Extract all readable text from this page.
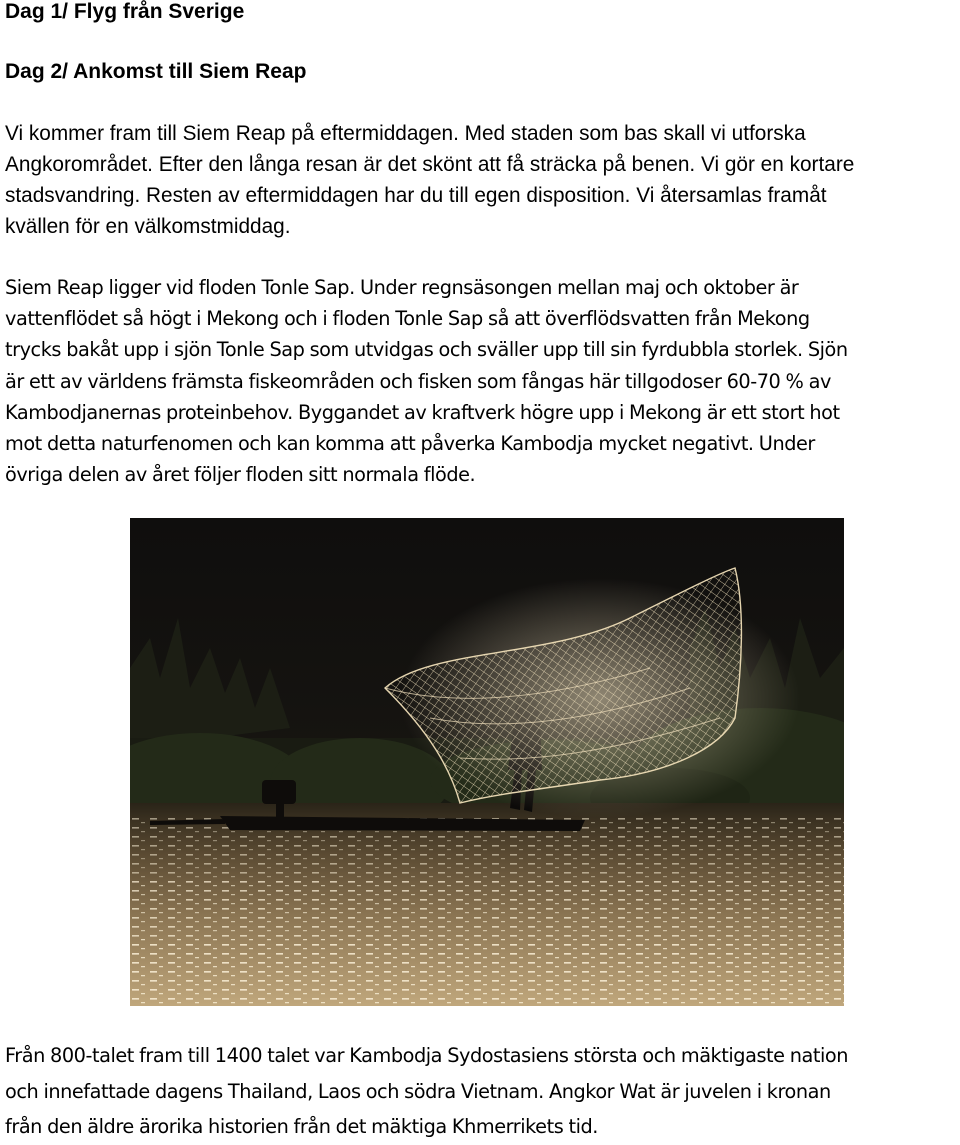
Dag 1/ Flyg från Sverige
Dag 2/ Ankomst till Siem Reap

Vi kommer fram till Siem Reap på eftermiddagen. Med staden som bas skall vi utforska
Angkorområdet. Efter den långa resan är det skönt att få sträcka på benen. Vi gör en kortare
stadsvandring. Resten av eftermiddagen har du till egen disposition. Vi återsamlas framåt
kvällen för en välkomstmiddag.

Siem Reap ligger vid floden Tonle Sap. Under regnsäsongen mellan maj och oktober är
vattenflödet så högt i Mekong och i floden Tonle Sap så att överflödsvatten från Mekong
trycks bakåt upp i sjön Tonle Sap som utvidgas och sväller upp till sin fyrdubbla storlek. Sjön
är ett av världens främsta fiskeområden och fisken som fångas här tillgodoser 60-70 % av
Kambodjanernas proteinbehov. Byggandet av kraftverk högre upp i Mekong är ett stort hot
mot detta naturfenomen och kan komma att påverka Kambodja mycket negativt. Under
övriga delen av året följer floden sitt normala flöde.

Från 800-talet fram till 1400 talet var Kambodja Sydostasiens största och mäktigaste nation
och innefattade dagens Thailand, Laos och södra Vietnam. Angkor Wat är juvelen i kronan
från den äldre ärorika historien från det mäktiga Khmerrikets tid.
